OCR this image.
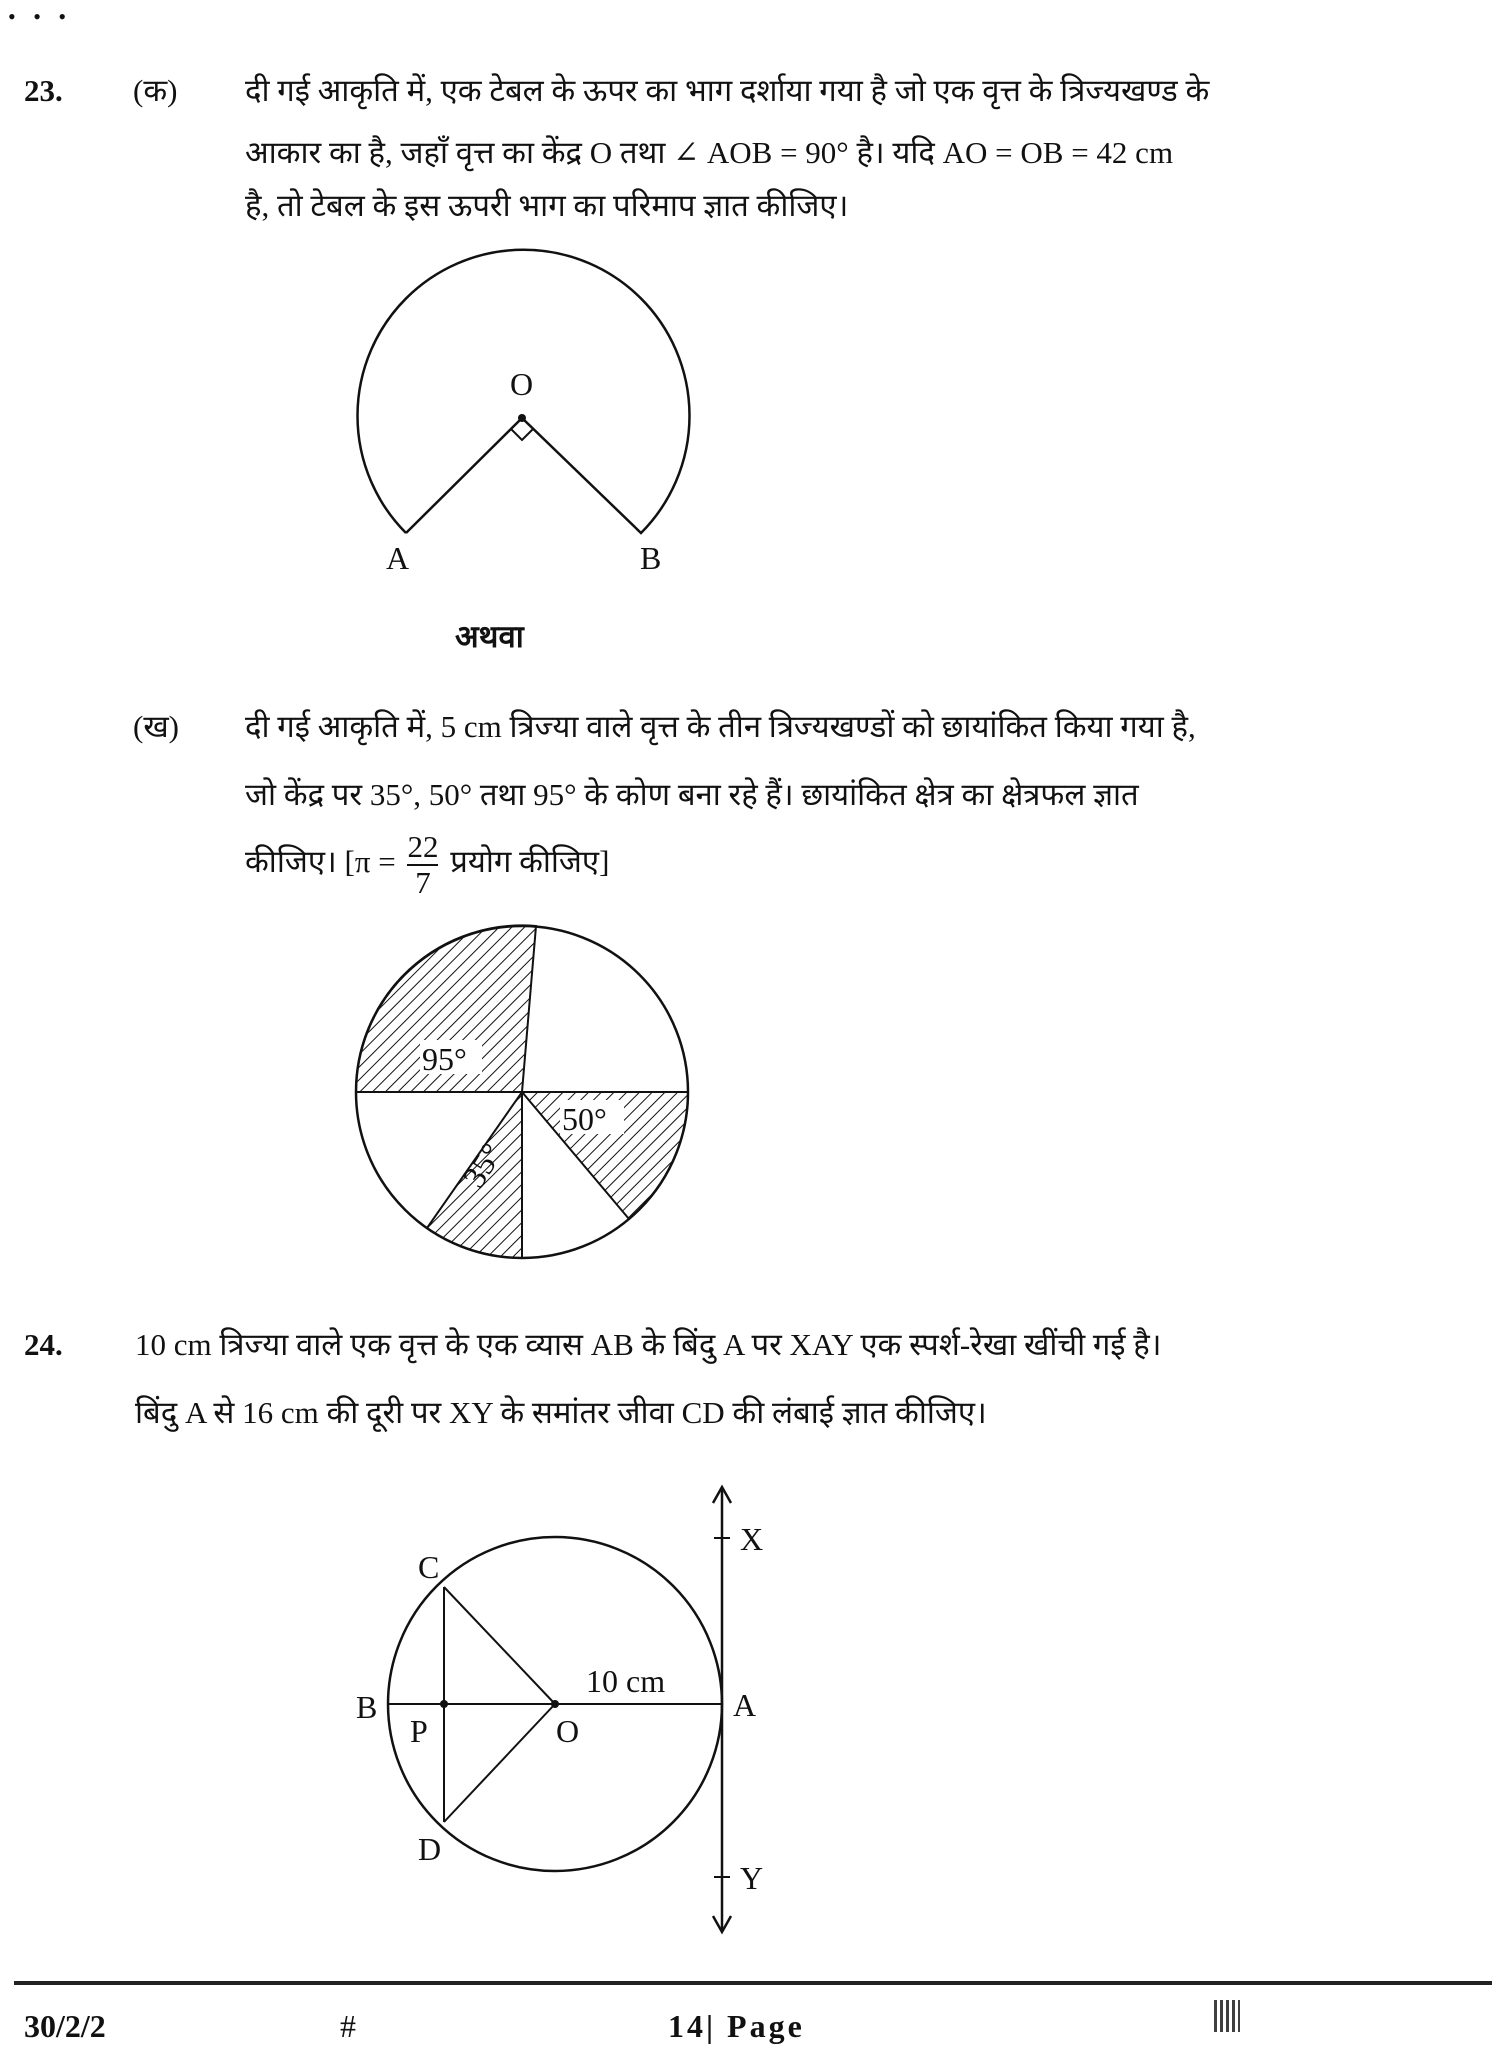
• • •
23. (क) दी गई आकृति में, एक टेबल के ऊपर का भाग दर्शाया गया है जो एक वृत्त के त्रिज्यखण्ड के
आकार का है, जहाँ वृत्त का केंद्र O तथा ∠ AOB = 90° है। यदि AO = OB = 42 cm
है, तो टेबल के इस ऊपरी भाग का परिमाप ज्ञात कीजिए।
अथवा
(ख) दी गई आकृति में, 5 cm त्रिज्या वाले वृत्त के तीन त्रिज्यखण्डों को छायांकित किया गया है,
जो केंद्र पर 35°, 50° तथा 95° के कोण बना रहे हैं। छायांकित क्षेत्र का क्षेत्रफल ज्ञात
कीजिए। [$\pi = \frac{22}{7}$ प्रयोग कीजिए]
24. 10 cm त्रिज्या वाले एक वृत्त के एक व्यास AB के बिंदु A पर XAY एक स्पर्श-रेखा खींची गई है।
बिंदु A से 16 cm की दूरी पर XY के समांतर जीवा CD की लंबाई ज्ञात कीजिए।
O
A	B
95°
50°
35°
C
D
B
P	O
A
X
Y
10 cm
30/2/2	#	14| Page
